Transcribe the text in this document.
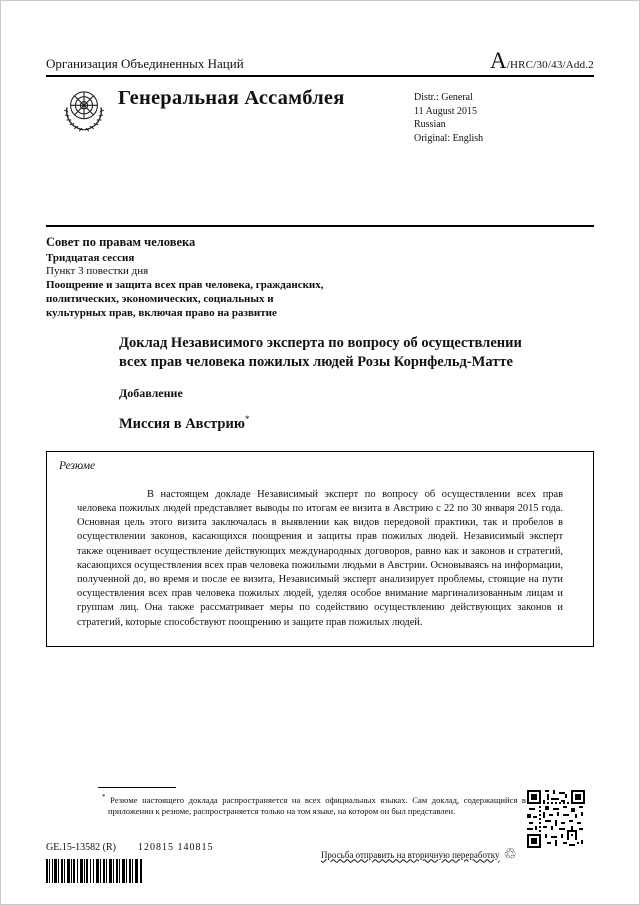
Организация Объединенных Наций	A/HRC/30/43/Add.2
Генеральная Ассамблея	Distr.: General
11 August 2015
Russian
Original: English
Совет по правам человека
Тридцатая сессия
Пункт 3 повестки дня
Поощрение и защита всех прав человека, гражданских, политических, экономических, социальных и культурных прав, включая право на развитие
Доклад Независимого эксперта по вопросу об осуществлении всех прав человека пожилых людей Розы Корнфельд-Матте
Добавление
Миссия в Австрию*
Резюме

В настоящем докладе Независимый эксперт по вопросу об осуществлении всех прав человека пожилых людей представляет выводы по итогам ее визита в Австрию с 22 по 30 января 2015 года. Основная цель этого визита заключалась в выявлении как видов передовой практики, так и пробелов в осуществлении законов, касающихся поощрения и защиты прав пожилых людей. Независимый эксперт также оценивает осуществление действующих международных договоров, равно как и законов и стратегий, касающихся осуществления всех прав человека пожилыми людьми в Австрии. Основываясь на информации, полученной до, во время и после ее визита, Независимый эксперт анализирует проблемы, стоящие на пути осуществления всех прав человека пожилых людей, уделяя особое внимание маргинализованным лицам и группам лиц. Она также рассматривает меры по содействию осуществлению действующих законов и стратегий, которые способствуют поощрению и защите прав пожилых людей.

* Резюме настоящего доклада распространяется на всех официальных языках. Сам доклад, содержащийся в приложении к резюме, распространяется только на том языке, на котором он был представлен.

GE.15-13582 (R) 120815 140815
Просьба отправить на вторичную переработку ♲
